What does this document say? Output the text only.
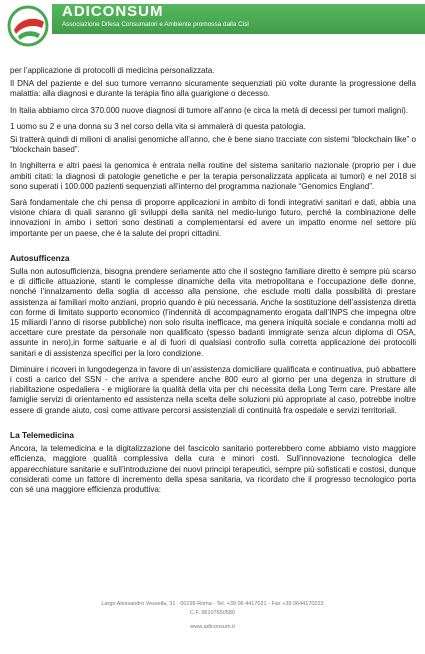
ADICONSUM
Associazione Difesa Consumatori e Ambiente promossa dalla Cisl

per l’applicazione di protocolli di medicina personalizzata.

Il DNA del paziente e del suo tumore verranno sicuramente sequenziati più volte durante la progressione della malattia: alla diagnosi e durante la terapia fino alla guarigione o decesso.

In Italia abbiamo circa 370.000 nuove diagnosi di tumore all’anno (e circa la metà di decessi per tumori maligni).

1 uomo su 2 e una donna su 3 nel corso della vita si ammalerà di questa patologia.

Si tratterà quindi di milioni di analisi genomiche all’anno, che è bene siano tracciate con sistemi “blockchain like” o “blockchain based”.

In Inghilterra e altri paesi la genomica è entrata nella routine del sistema sanitario nazionale (proprio per i due ambiti citati: la diagnosi di patologie genetiche e per la terapia personalizzata applicata ai tumori) e nel 2018 si sono superati i 100.000 pazienti sequenziati all’interno del programma nazionale “Genomics England”.

Sarà fondamentale che chi pensa di proporre applicazioni in ambito di fondi integrativi sanitari e dati, abbia una visione chiara di quali saranno gli sviluppi della sanità nel medio-lungo futuro, perché la combinazione delle innovazioni in ambo i settori sono destinati a complementarsi ed avere un impatto enorme nel settore più importante per un paese, che è la salute dei propri cittadini.

Autosufficenza

Sulla non autosufficienza, bisogna prendere seriamente atto che il sostegno familiare diretto è sempre più scarso e di difficile attuazione, stanti le complesse dinamiche della vita metropolitana e l’occupazione delle donne, nonché l’innalzamento della soglia di accesso alla pensione, che esclude molti dalla possibilità di prestare assistenza ai familiari molto anziani, proprio quando è più necessaria. Anche la sostituzione dell’assistenza diretta con forme di limitato supporto economico (l’indennità di accompagnamento erogata dall’INPS che impegna oltre 15 miliardi l’anno di risorse pubbliche) non solo risulta inefficace, ma genera iniquità sociale e condanna molti ad accettare cure prestate da personale non qualificato (spesso badanti immigrate senza alcun diploma di OSA, assunte in nero),in forme saltuarie e al di fuori di qualsiasi controllo sulla corretta applicazione dei protocolli sanitari e di assistenza specifici per la loro condizione.

Diminuire i ricoveri in lungodegenza in favore di un’assistenza domiciliare qualificata e continuativa, può abbattere i costi a carico del SSN - che arriva a spendere anche 800 euro al giorno per una degenza in strutture di riabilitazione ospedaliera - e migliorare la qualità della vita per chi necessita della Long Term care. Prestare alle famiglie servizi di orientamento ed assistenza nella scelta delle soluzioni più appropriate al caso, potrebbe inoltre essere di grande aiuto, così come attivare percorsi assistenziali di continuità fra ospedale e servizi territoriali.

La Telemedicina

Ancora, la telemedicina e la digitalizzazione del fascicolo sanitario porterebbero come abbiamo visto maggiore efficienza, maggiore qualità complessiva della cura e minori costi. Sull’innovazione tecnologica delle apparecchiature sanitarie e sull’introduzione dei nuovi principi terapeutici, sempre più sofisticati e costosi, dunque considerati come un fattore di incremento della spesa sanitaria, va ricordato che il progresso tecnologico porta con sé una maggiore efficienza produttiva:

Largo Alessandro Vessella, 31 - 00199 Roma - Tel. +39 06 4417021 - Fax +39 0644170223
C.F. 96107650580
www.adiconsum.it
